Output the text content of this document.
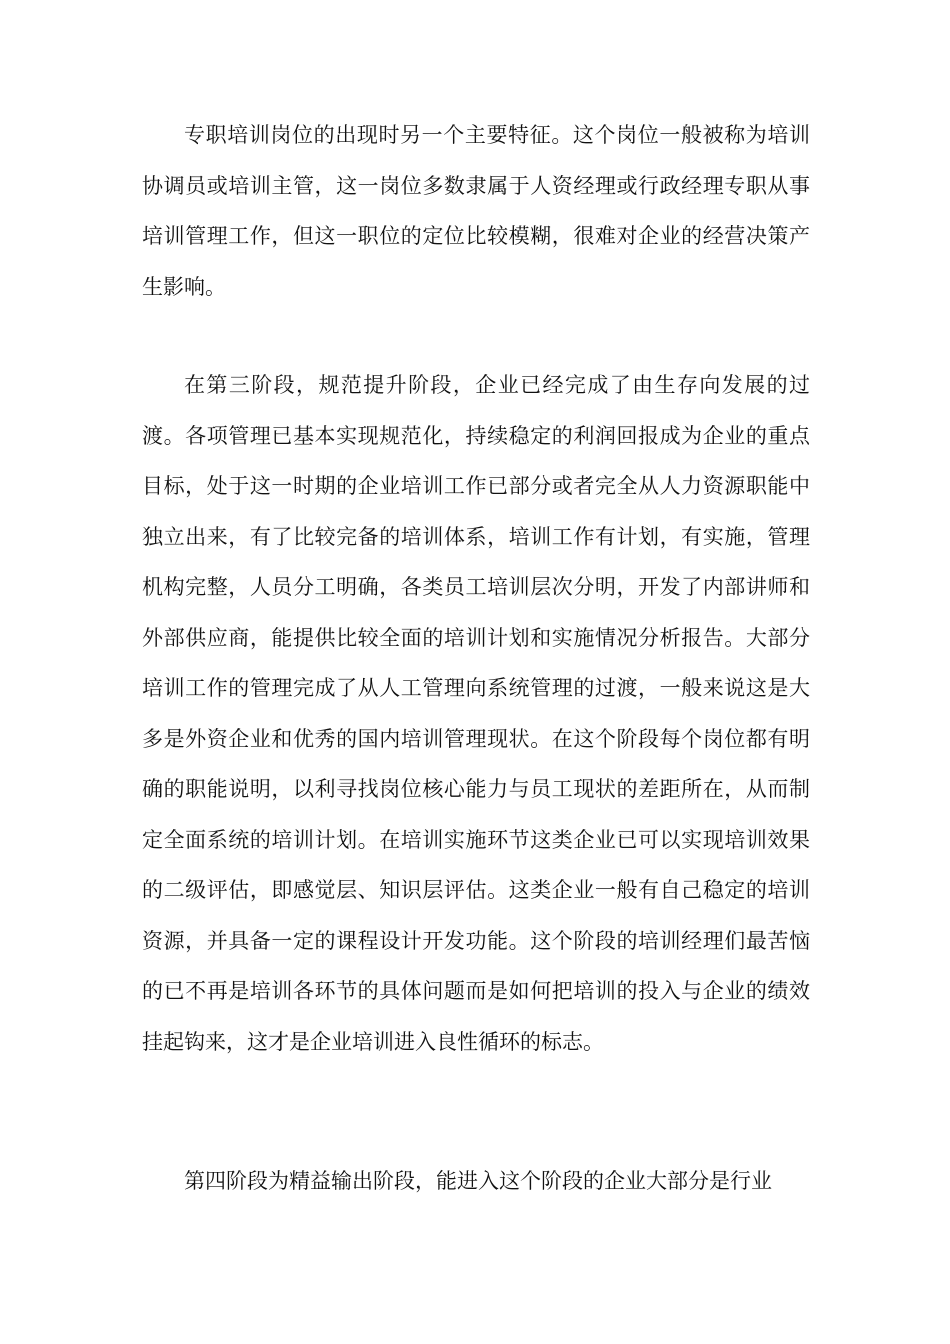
专职培训岗位的出现时另一个主要特征。这个岗位一般被称为培训协调员或培训主管，这一岗位多数隶属于人资经理或行政经理专职从事培训管理工作，但这一职位的定位比较模糊，很难对企业的经营决策产生影响。

在第三阶段，规范提升阶段，企业已经完成了由生存向发展的过渡。各项管理已基本实现规范化，持续稳定的利润回报成为企业的重点目标，处于这一时期的企业培训工作已部分或者完全从人力资源职能中独立出来，有了比较完备的培训体系，培训工作有计划，有实施，管理机构完整，人员分工明确，各类员工培训层次分明，开发了内部讲师和外部供应商，能提供比较全面的培训计划和实施情况分析报告。大部分培训工作的管理完成了从人工管理向系统管理的过渡，一般来说这是大多是外资企业和优秀的国内培训管理现状。在这个阶段每个岗位都有明确的职能说明，以利寻找岗位核心能力与员工现状的差距所在，从而制定全面系统的培训计划。在培训实施环节这类企业已可以实现培训效果的二级评估，即感觉层、知识层评估。这类企业一般有自己稳定的培训资源，并具备一定的课程设计开发功能。这个阶段的培训经理们最苦恼的已不再是培训各环节的具体问题而是如何把培训的投入与企业的绩效挂起钩来，这才是企业培训进入良性循环的标志。

第四阶段为精益输出阶段，能进入这个阶段的企业大部分是行业
